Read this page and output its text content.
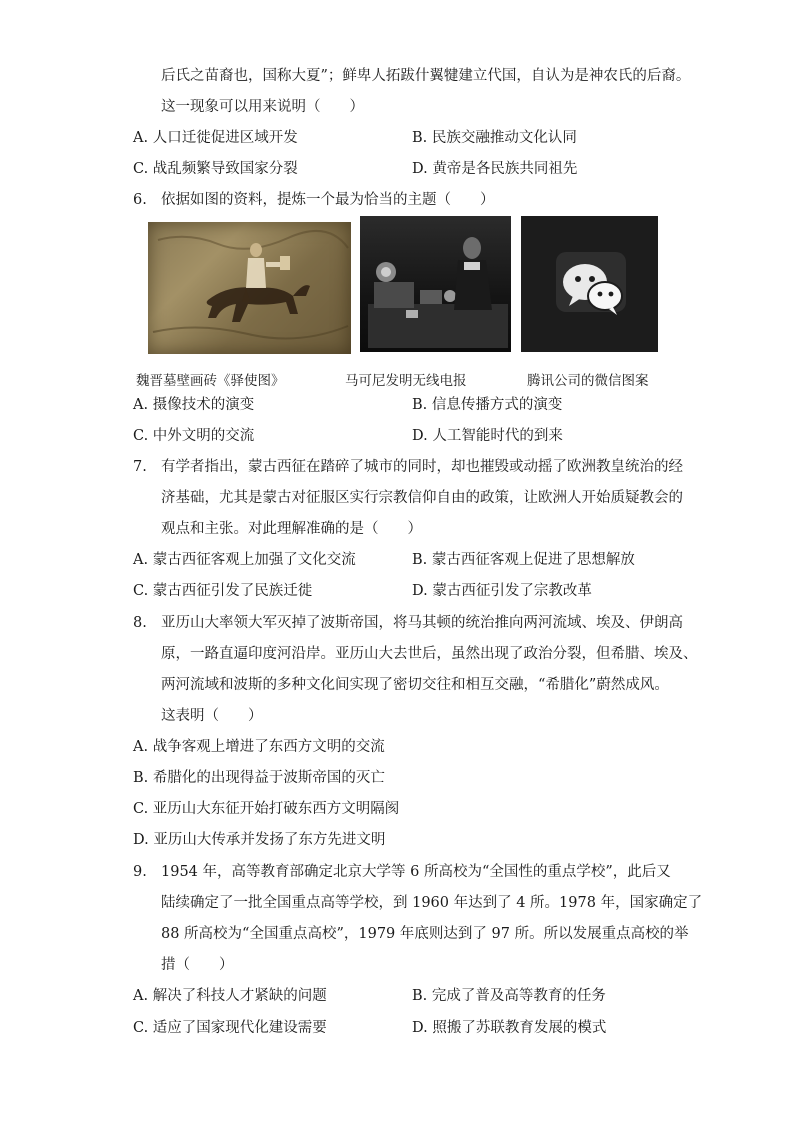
后氏之苗裔也，国称大夏”；鲜卑人拓跋什翼犍建立代国，自认为是神农氏的后裔。
这一现象可以用来说明（　　）
A. 人口迁徙促进区域开发	B. 民族交融推动文化认同
C. 战乱频繁导致国家分裂	D. 黄帝是各民族共同祖先
6. 依据如图的资料，提炼一个最为恰当的主题（　　）
魏晋墓壁画砖《驿使图》	马可尼发明无线电报	腾讯公司的微信图案
A. 摄像技术的演变	B. 信息传播方式的演变
C. 中外文明的交流	D. 人工智能时代的到来
7. 有学者指出，蒙古西征在踏碎了城市的同时，却也摧毁或动摇了欧洲教皇统治的经
济基础，尤其是蒙古对征服区实行宗教信仰自由的政策，让欧洲人开始质疑教会的
观点和主张。对此理解准确的是（　　）
A. 蒙古西征客观上加强了文化交流	B. 蒙古西征客观上促进了思想解放
C. 蒙古西征引发了民族迁徙	D. 蒙古西征引发了宗教改革
8. 亚历山大率领大军灭掉了波斯帝国，将马其顿的统治推向两河流域、埃及、伊朗高
原，一路直逼印度河沿岸。亚历山大去世后，虽然出现了政治分裂，但希腊、埃及、
两河流域和波斯的多种文化间实现了密切交往和相互交融，“希腊化”蔚然成风。
这表明（　　）
A. 战争客观上增进了东西方文明的交流
B. 希腊化的出现得益于波斯帝国的灭亡
C. 亚历山大东征开始打破东西方文明隔阂
D. 亚历山大传承并发扬了东方先进文明
9. 1954 年，高等教育部确定北京大学等 6 所高校为“全国性的重点学校”，此后又
陆续确定了一批全国重点高等学校，到 1960 年达到了 4 所。1978 年，国家确定了
88 所高校为“全国重点高校”，1979 年底则达到了 97 所。所以发展重点高校的举
措（　　）
A. 解决了科技人才紧缺的问题	B. 完成了普及高等教育的任务
C. 适应了国家现代化建设需要	D. 照搬了苏联教育发展的模式
